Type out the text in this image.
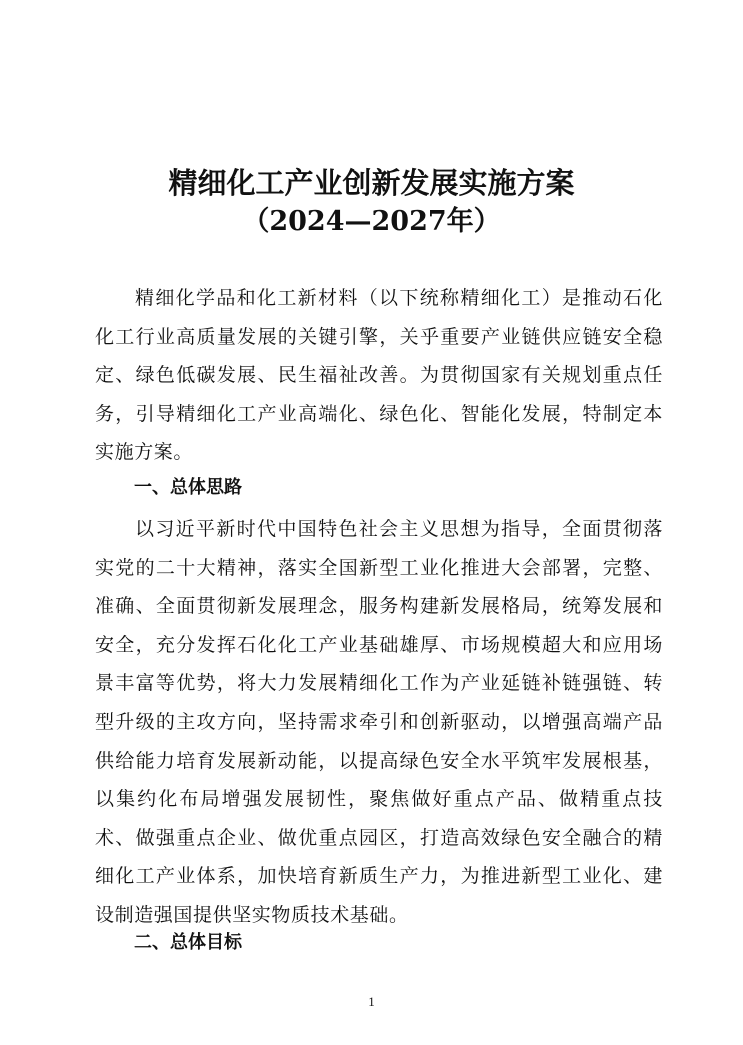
精细化工产业创新发展实施方案
（2024—2027年）

精细化学品和化工新材料（以下统称精细化工）是推动石化化工行业高质量发展的关键引擎，关乎重要产业链供应链安全稳定、绿色低碳发展、民生福祉改善。为贯彻国家有关规划重点任务，引导精细化工产业高端化、绿色化、智能化发展，特制定本实施方案。

一、总体思路

以习近平新时代中国特色社会主义思想为指导，全面贯彻落实党的二十大精神，落实全国新型工业化推进大会部署，完整、准确、全面贯彻新发展理念，服务构建新发展格局，统筹发展和安全，充分发挥石化化工产业基础雄厚、市场规模超大和应用场景丰富等优势，将大力发展精细化工作为产业延链补链强链、转型升级的主攻方向，坚持需求牵引和创新驱动，以增强高端产品供给能力培育发展新动能，以提高绿色安全水平筑牢发展根基，以集约化布局增强发展韧性，聚焦做好重点产品、做精重点技术、做强重点企业、做优重点园区，打造高效绿色安全融合的精细化工产业体系，加快培育新质生产力，为推进新型工业化、建设制造强国提供坚实物质技术基础。

二、总体目标
1
